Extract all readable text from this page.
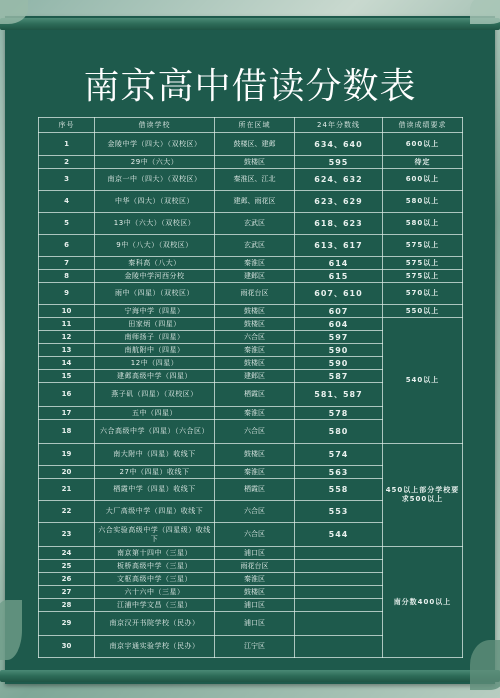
南京高中借读分数表
序号	借读学校	所在区域	24年分数线	借读成绩要求
1	金陵中学（四大）（双校区）	鼓楼区、建邺	634、640	600以上
2	29中（六大）	鼓楼区	595	待定
3	南京一中（四大）（双校区）	秦淮区、江北	624、632	600以上
4	中华（四大）（双校区）	建邺、雨花区	623、629	580以上
5	13中（六大）（双校区）	玄武区	618、623	580以上
6	9中（八大）（双校区）	玄武区	613、617	575以上
7	秦科高（八大）	秦淮区	614	575以上
8	金陵中学河西分校	建邺区	615	575以上
9	雨中（四星）（双校区）	雨花台区	607、610	570以上
10	宁海中学（四星）	鼓楼区	607	550以上
11	田家炳（四星）	鼓楼区	604	540以上
12	南师扬子（四星）	六合区	597	
13	南航附中（四星）	秦淮区	590	
14	12中（四星）	鼓楼区	590	
15	建邺高级中学（四星）	建邺区	587	
16	燕子矶（四星）（双校区）	栖霞区	581、587	
17	五中（四星）	秦淮区	578	
18	六合高级中学（四星）（六合区）	六合区	580	
19	南大附中（四星）收线下	鼓楼区	574	450以上部分学校要求500以上
20	27中（四星）收线下	秦淮区	563	
21	栖霞中学（四星）收线下	栖霞区	558	
22	大厂高级中学（四星）收线下	六合区	553	
23	六合实验高级中学（四星级）收线下	六合区	544	
24	南京第十四中（三星）	浦口区		南分数400以上
25	板桥高级中学（三星）	雨花台区		
26	文枢高级中学（三星）	秦淮区		
27	六十六中（三星）	鼓楼区		
28	江浦中学文昌（三星）	浦口区		
29	南京汉开书院学校（民办）	浦口区		
30	南京宇通实验学校（民办）	江宁区		
